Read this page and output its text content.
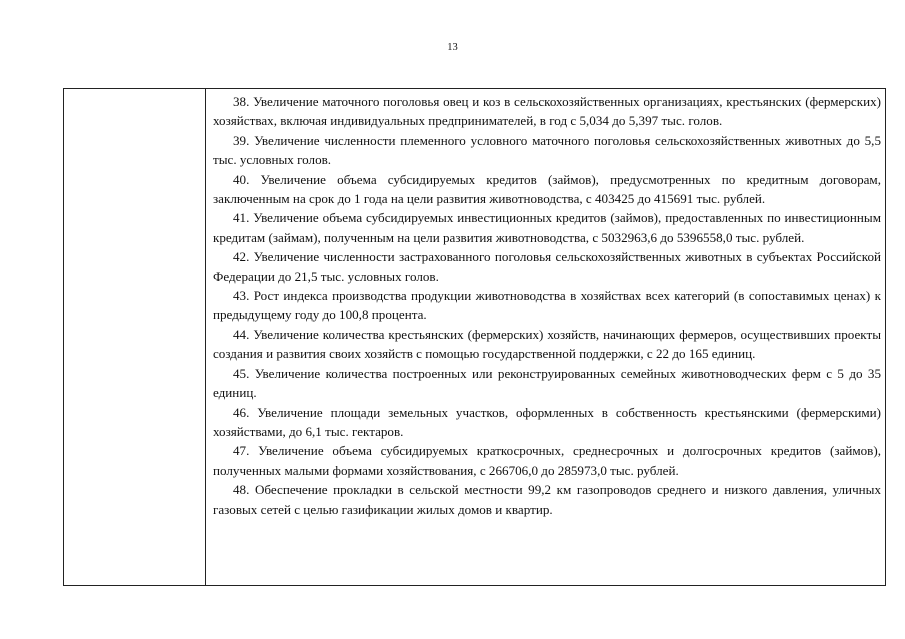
13

38. Увеличение маточного поголовья овец и коз в сельскохозяйственных организациях, крестьянских (фермерских) хозяйствах, включая индивидуальных предпринимателей, в год с 5,034 до 5,397 тыс. голов.

39. Увеличение численности племенного условного маточного поголовья сельскохозяйственных животных до 5,5 тыс. условных голов.

40. Увеличение объема субсидируемых кредитов (займов), предусмотренных по кредитным договорам, заключенным на срок до 1 года на цели развития животноводства, с 403425 до 415691 тыс. рублей.

41. Увеличение объема субсидируемых инвестиционных кредитов (займов), предоставленных по инвестиционным кредитам (займам), полученным на цели развития животноводства, с 5032963,6 до 5396558,0 тыс. рублей.

42. Увеличение численности застрахованного поголовья сельскохозяйственных животных в субъектах Российской Федерации до 21,5 тыс. условных голов.

43. Рост индекса производства продукции животноводства в хозяйствах всех категорий (в сопоставимых ценах) к предыдущему году до 100,8 процента.

44. Увеличение количества крестьянских (фермерских) хозяйств, начинающих фермеров, осуществивших проекты создания и развития своих хозяйств с помощью государственной поддержки, с 22 до 165 единиц.

45. Увеличение количества построенных или реконструированных семейных животноводческих ферм с 5 до 35 единиц.

46. Увеличение площади земельных участков, оформленных в собственность крестьянскими (фермерскими) хозяйствами, до 6,1 тыс. гектаров.

47. Увеличение объема субсидируемых краткосрочных, среднесрочных и долгосрочных кредитов (займов), полученных малыми формами хозяйствования, с 266706,0 до 285973,0 тыс. рублей.

48. Обеспечение прокладки в сельской местности 99,2 км газопроводов среднего и низкого давления, уличных газовых сетей с целью газификации жилых домов и квартир.
